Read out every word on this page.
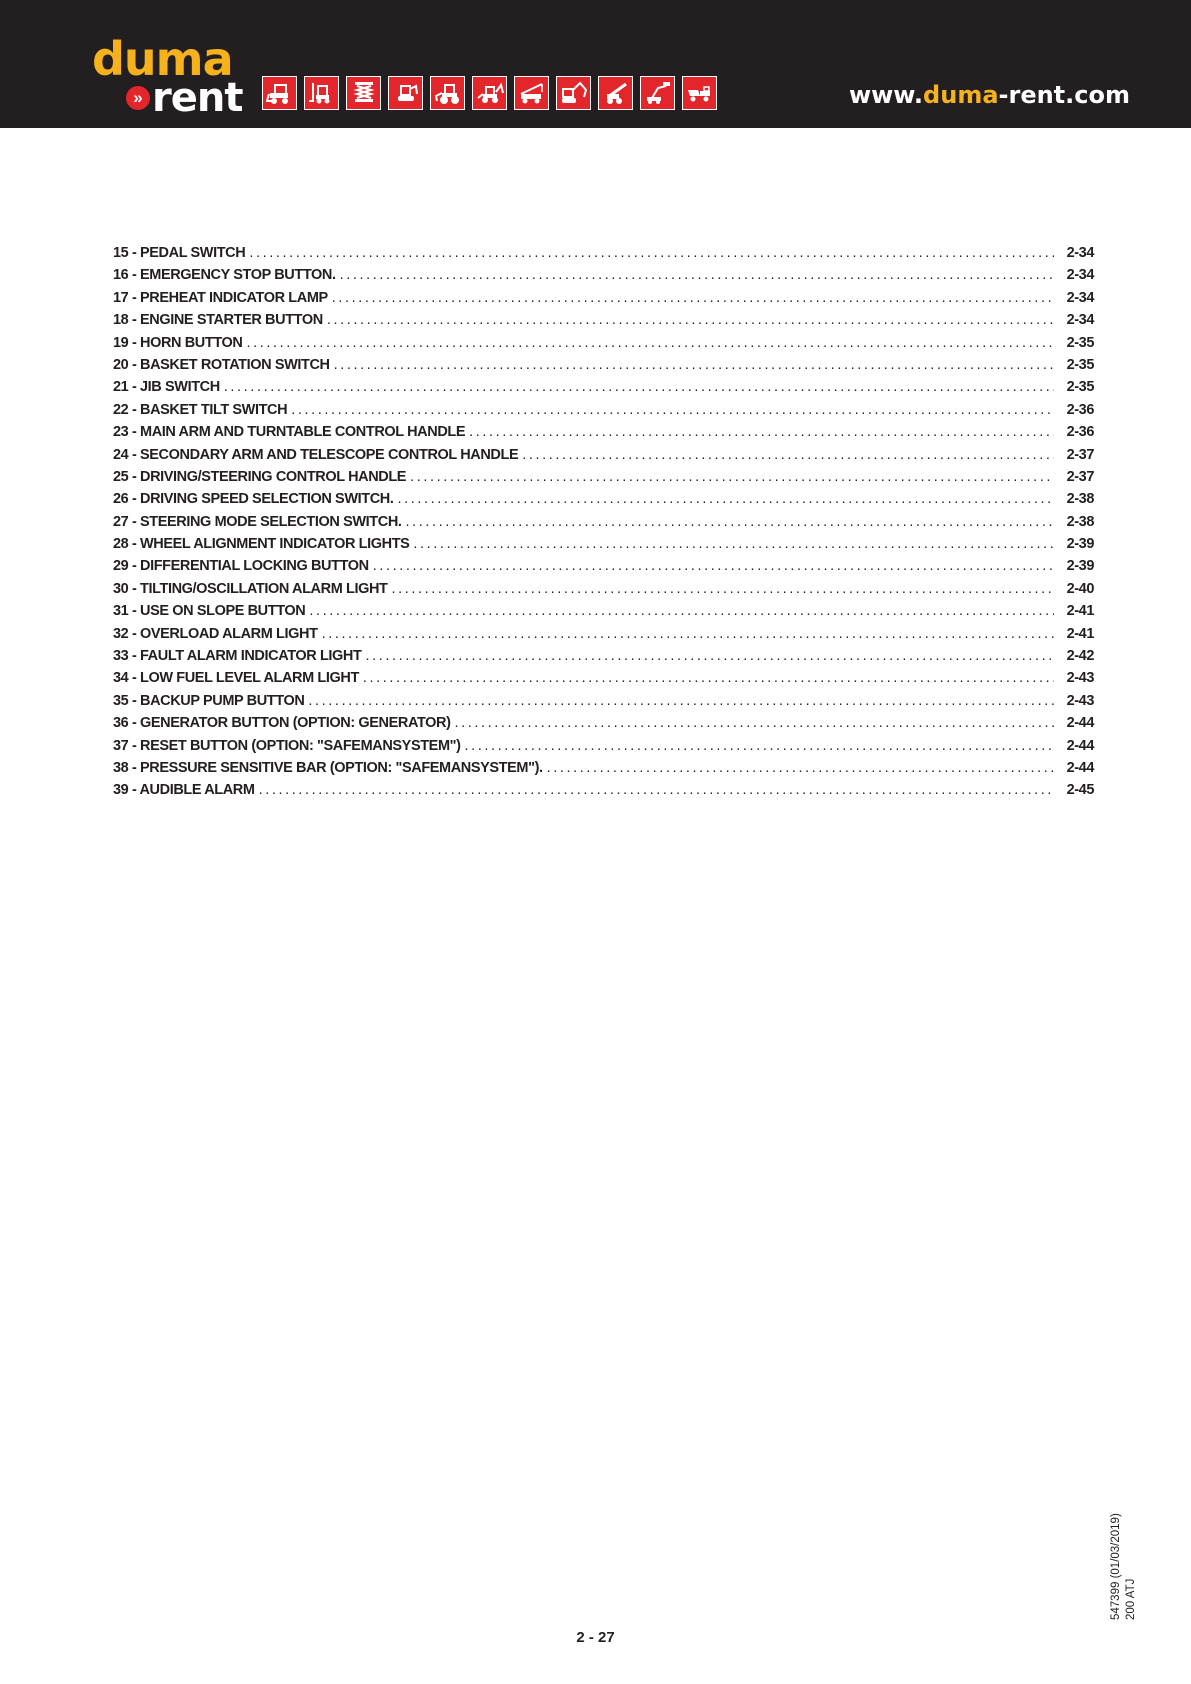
duma
» rent	www.duma-rent.com
15 - PEDAL SWITCH .....	2-34
16 - EMERGENCY STOP BUTTON. .....	2-34
17 - PREHEAT INDICATOR LAMP .....	2-34
18 - ENGINE STARTER BUTTON .....	2-34
19 - HORN BUTTON .....	2-35
20 - BASKET ROTATION SWITCH .....	2-35
21 - JIB SWITCH .....	2-35
22 - BASKET TILT SWITCH .....	2-36
23 - MAIN ARM AND TURNTABLE CONTROL HANDLE .....	2-36
24 - SECONDARY ARM AND TELESCOPE CONTROL HANDLE .....	2-37
25 - DRIVING/STEERING CONTROL HANDLE .....	2-37
26 - DRIVING SPEED SELECTION SWITCH. .....	2-38
27 - STEERING MODE SELECTION SWITCH. .....	2-38
28 - WHEEL ALIGNMENT INDICATOR LIGHTS .....	2-39
29 - DIFFERENTIAL LOCKING BUTTON .....	2-39
30 - TILTING/OSCILLATION ALARM LIGHT .....	2-40
31 - USE ON SLOPE BUTTON .....	2-41
32 - OVERLOAD ALARM LIGHT .....	2-41
33 - FAULT ALARM INDICATOR LIGHT .....	2-42
34 - LOW FUEL LEVEL ALARM LIGHT .....	2-43
35 - BACKUP PUMP BUTTON .....	2-43
36 - GENERATOR BUTTON (OPTION: GENERATOR) .....	2-44
37 - RESET BUTTON (OPTION: "SAFEMANSYSTEM") .....	2-44
38 - PRESSURE SENSITIVE BAR (OPTION: "SAFEMANSYSTEM"). .....	2-44
39 - AUDIBLE ALARM .....	2-45
2 - 27
547399 (01/03/2019) 200 ATJ
